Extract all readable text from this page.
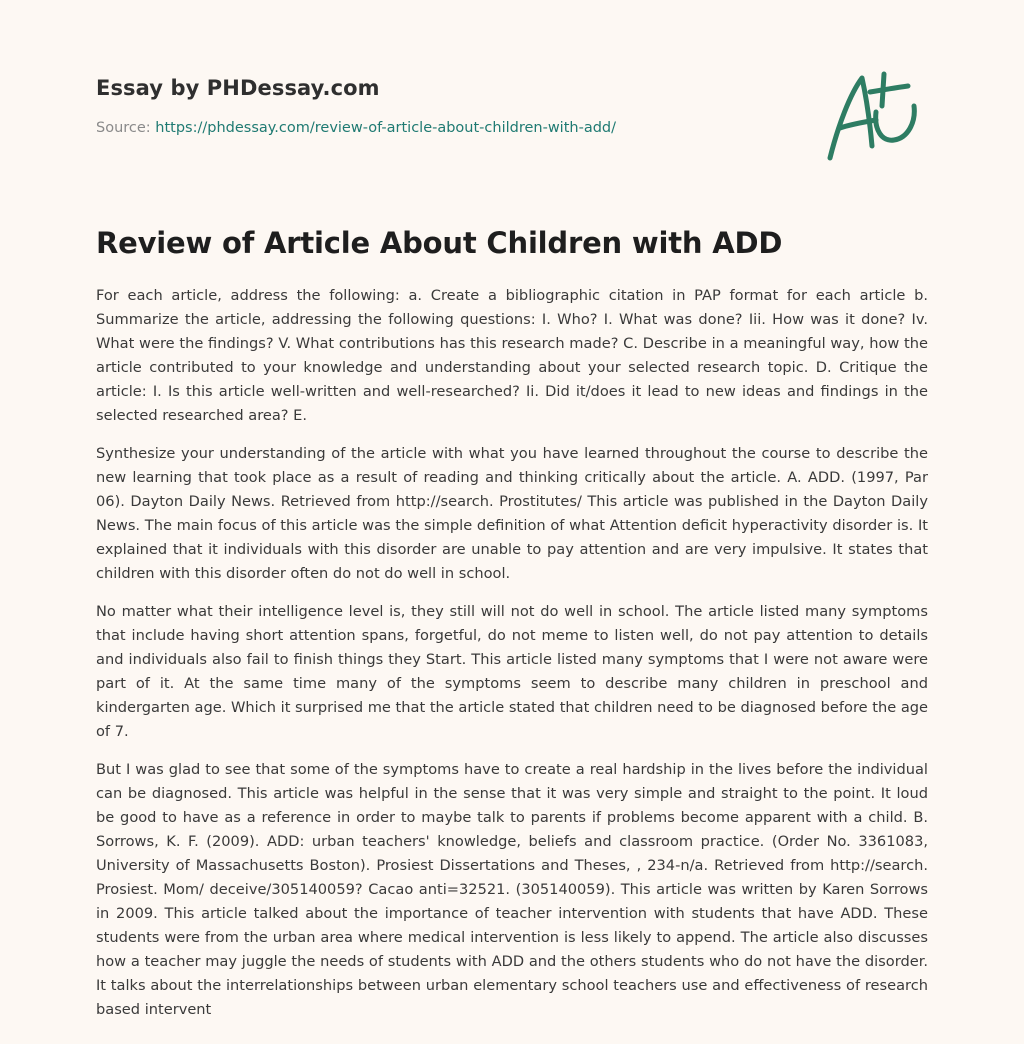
Essay by PHDessay.com
Source: https://phdessay.com/review-of-article-about-children-with-add/
Review of Article About Children with ADD

For each article, address the following: a. Create a bibliographic citation in PAP format for each article b. Summarize the article, addressing the following questions: I. Who? I. What was done? Iii. How was it done? Iv. What were the findings? V. What contributions has this research made? C. Describe in a meaningful way, how the article contributed to your knowledge and understanding about your selected research topic. D. Critique the article: I. Is this article well-written and well-researched? Ii. Did it/does it lead to new ideas and findings in the selected researched area? E.

Synthesize your understanding of the article with what you have learned throughout the course to describe the new learning that took place as a result of reading and thinking critically about the article. A. ADD. (1997, Par 06). Dayton Daily News. Retrieved from http://search. Prostitutes/ This article was published in the Dayton Daily News. The main focus of this article was the simple definition of what Attention deficit hyperactivity disorder is. It explained that it individuals with this disorder are unable to pay attention and are very impulsive. It states that children with this disorder often do not do well in school.

No matter what their intelligence level is, they still will not do well in school. The article listed many symptoms that include having short attention spans, forgetful, do not meme to listen well, do not pay attention to details and individuals also fail to finish things they Start. This article listed many symptoms that I were not aware were part of it. At the same time many of the symptoms seem to describe many children in preschool and kindergarten age. Which it surprised me that the article stated that children need to be diagnosed before the age of 7.

But I was glad to see that some of the symptoms have to create a real hardship in the lives before the individual can be diagnosed. This article was helpful in the sense that it was very simple and straight to the point. It loud be good to have as a reference in order to maybe talk to parents if problems become apparent with a child. B. Sorrows, K. F. (2009). ADD: urban teachers' knowledge, beliefs and classroom practice. (Order No. 3361083, University of Massachusetts Boston). Prosiest Dissertations and Theses, , 234-n/a. Retrieved from http://search. Prosiest. Mom/ deceive/305140059? Cacao anti=32521. (305140059). This article was written by Karen Sorrows in 2009. This article talked about the importance of teacher intervention with students that have ADD. These students were from the urban area where medical intervention is less likely to append. The article also discusses how a teacher may juggle the needs of students with ADD and the others students who do not have the disorder. It talks about the interrelationships between urban elementary school teachers use and effectiveness of research based intervent
